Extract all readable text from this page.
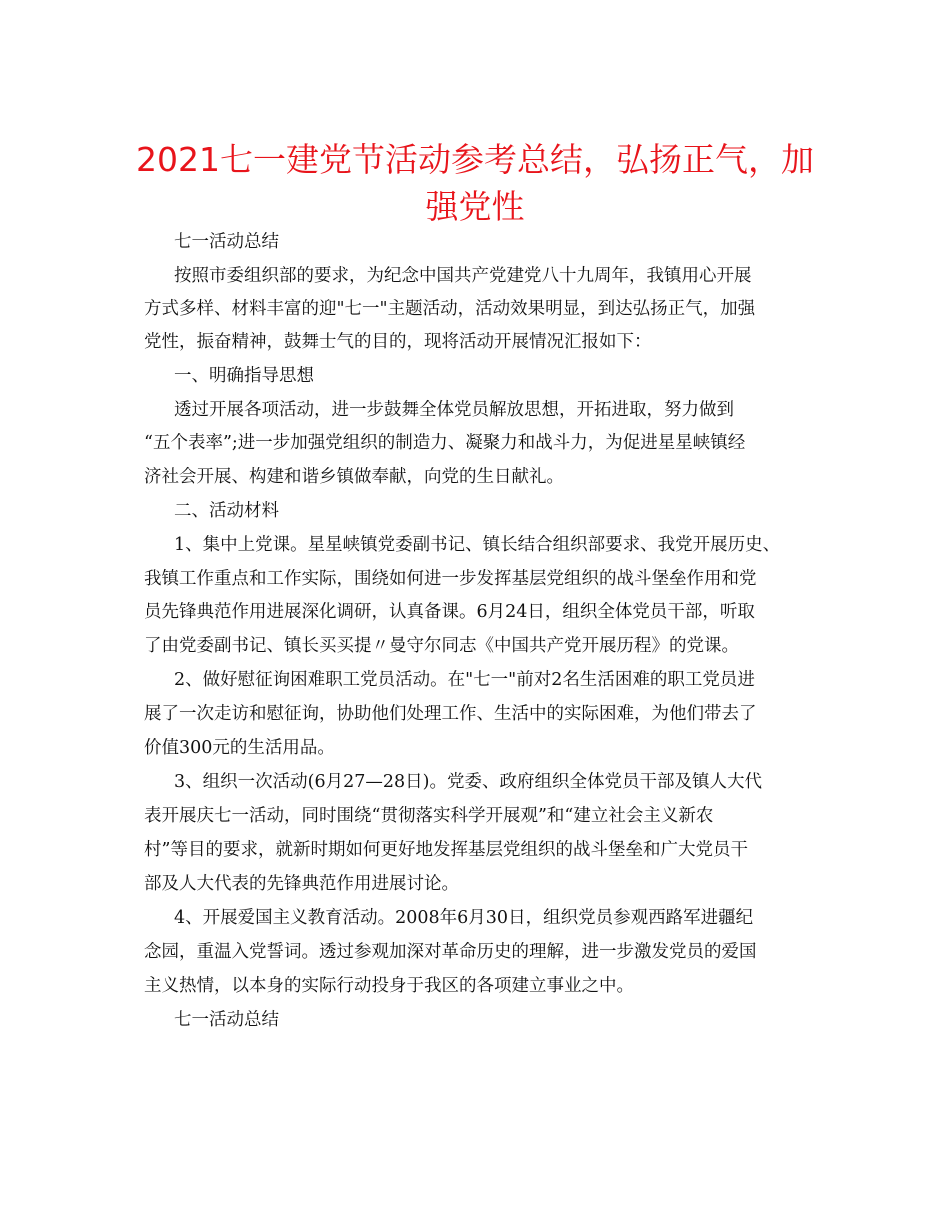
2021七一建党节活动参考总结，弘扬正气，加
强党性

七一活动总结

按照市委组织部的要求，为纪念中国共产党建党八十九周年，我镇用心开展

方式多样、材料丰富的迎"七一"主题活动，活动效果明显，到达弘扬正气，加强

党性，振奋精神，鼓舞士气的目的，现将活动开展情况汇报如下：

一、明确指导思想

透过开展各项活动，进一步鼓舞全体党员解放思想，开拓进取，努力做到

“五个表率”;进一步加强党组织的制造力、凝聚力和战斗力，为促进星星峡镇经

济社会开展、构建和谐乡镇做奉献，向党的生日献礼。

二、活动材料

1、集中上党课。星星峡镇党委副书记、镇长结合组织部要求、我党开展历史、

我镇工作重点和工作实际，围绕如何进一步发挥基层党组织的战斗堡垒作用和党

员先锋典范作用进展深化调研，认真备课。6月24日，组织全体党员干部，听取

了由党委副书记、镇长买买提〃曼守尔同志《中国共产党开展历程》的党课。

2、做好慰征询困难职工党员活动。在"七一"前对2名生活困难的职工党员进

展了一次走访和慰征询，协助他们处理工作、生活中的实际困难，为他们带去了

价值300元的生活用品。

3、组织一次活动(6月27—28日)。党委、政府组织全体党员干部及镇人大代

表开展庆七一活动，同时围绕“贯彻落实科学开展观”和“建立社会主义新农

村”等目的要求，就新时期如何更好地发挥基层党组织的战斗堡垒和广大党员干

部及人大代表的先锋典范作用进展讨论。

4、开展爱国主义教育活动。2008年6月30日，组织党员参观西路军进疆纪

念园，重温入党誓词。透过参观加深对革命历史的理解，进一步激发党员的爱国

主义热情，以本身的实际行动投身于我区的各项建立事业之中。

七一活动总结
